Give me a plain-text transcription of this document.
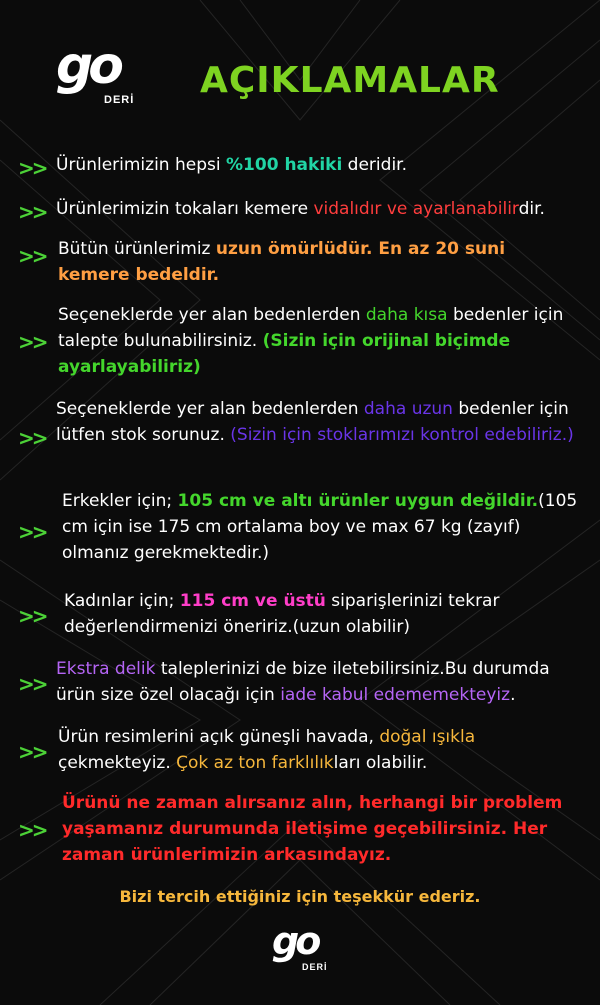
go
DERİ AÇIKLAMALAR
>> Ürünlerimizin hepsi %100 hakiki deridir.
>> Ürünlerimizin tokaları kemere vidalıdır ve ayarlanabilirdir.
>> Bütün ürünlerimiz uzun ömürlüdür. En az 20 suni kemere bedeldir.
>>
Seçeneklerde yer alan bedenlerden daha kısa bedenler için talepte bulunabilirsiniz. (Sizin için orijinal biçimde ayarlayabiliriz)
>>
Seçeneklerde yer alan bedenlerden daha uzun bedenler için lütfen stok sorunuz. (Sizin için stoklarımızı kontrol edebiliriz.)
>>
Erkekler için; 105 cm ve altı ürünler uygun değildir.(105 cm için ise 175 cm ortalama boy ve max 67 kg (zayıf) olmanız gerekmektedir.)
>>
Kadınlar için; 115 cm ve üstü siparişlerinizi tekrar değerlendirmenizi öneririz.(uzun olabilir)
>>
Ekstra delik taleplerinizi de bize iletebilirsiniz.Bu durumda ürün size özel olacağı için iade kabul edememekteyiz.
>>
Ürün resimlerini açık güneşli havada, doğal ışıkla çekmekteyiz. Çok az ton farklılıkları olabilir.
>>
Ürünü ne zaman alırsanız alın, herhangi bir problem yaşamanız durumunda iletişime geçebilirsiniz. Her zaman ürünlerimizin arkasındayız.
Bizi tercih ettiğiniz için teşekkür ederiz.
go
DERİ
